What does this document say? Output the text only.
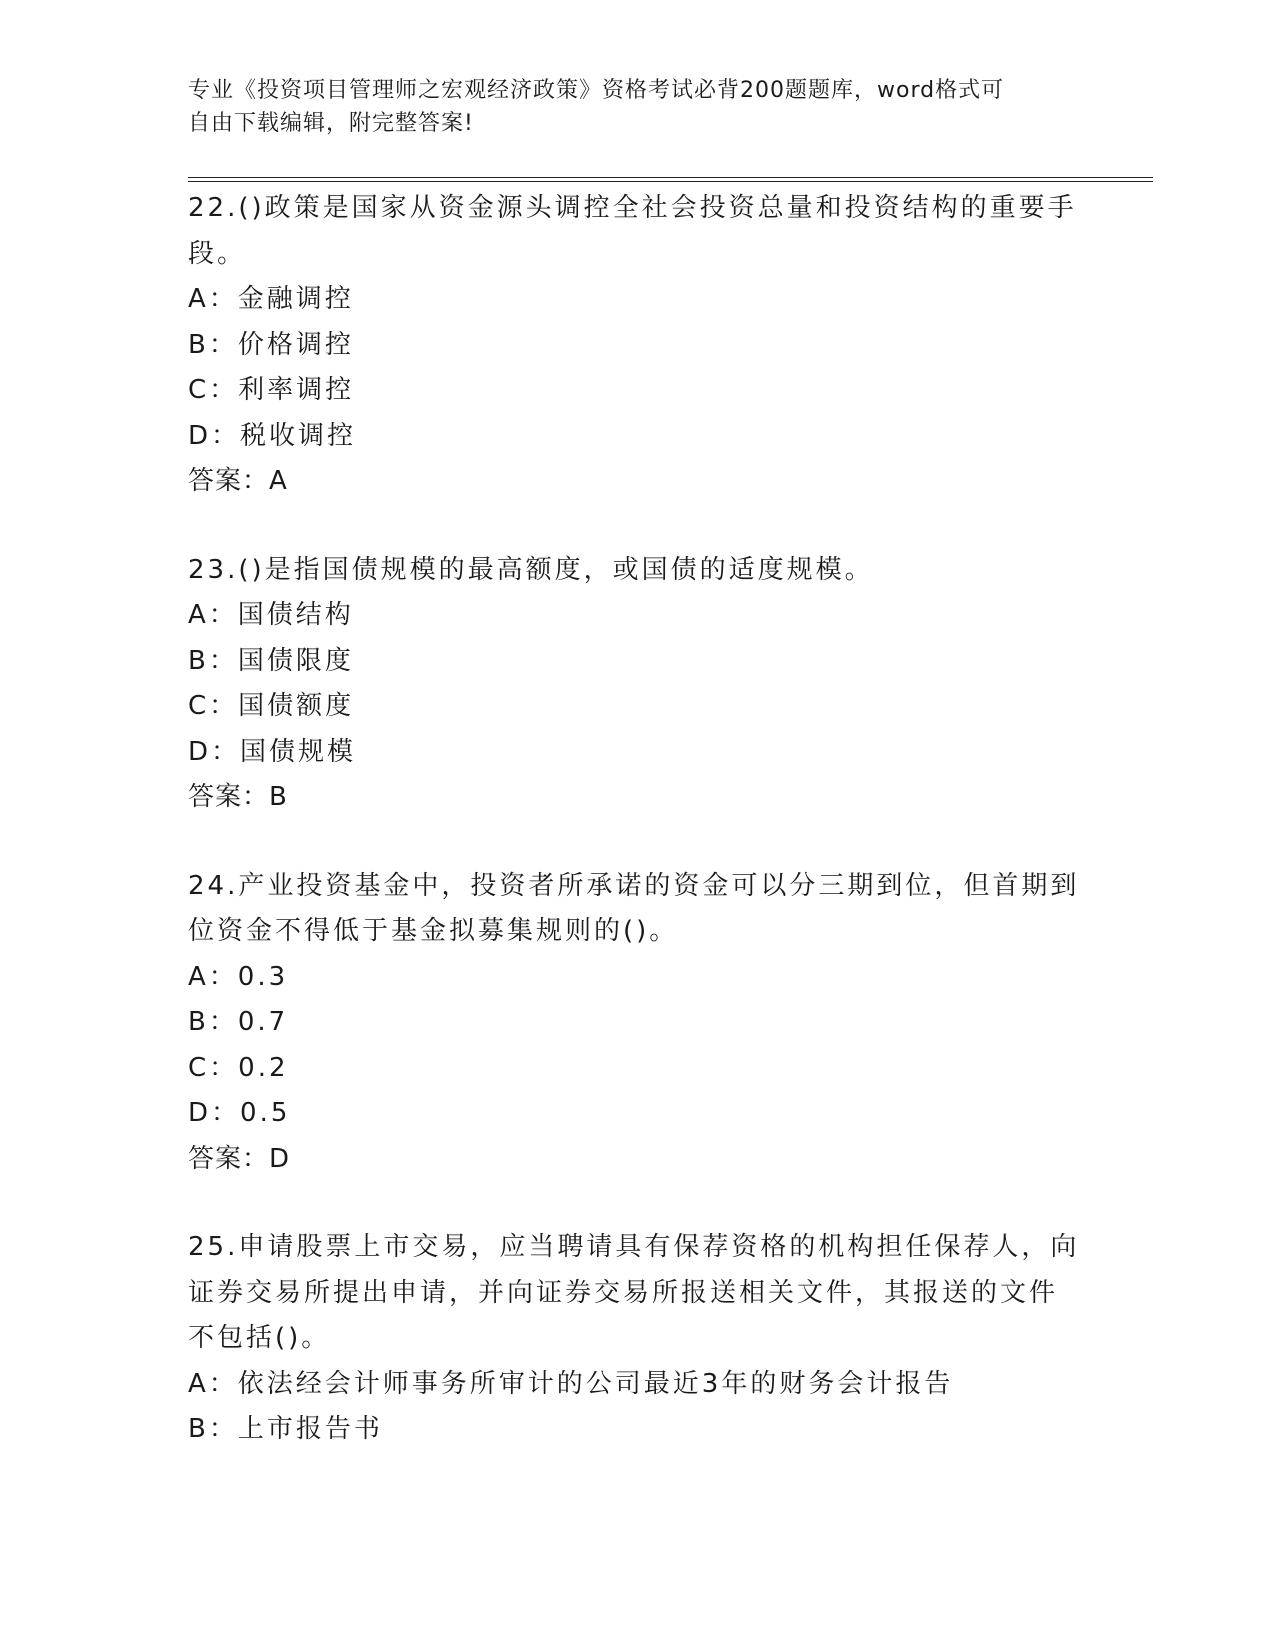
专业《投资项目管理师之宏观经济政策》资格考试必背200题题库，word格式可
自由下载编辑，附完整答案!

22.()政策是国家从资金源头调控全社会投资总量和投资结构的重要手

段。

A：金融调控

B：价格调控

C：利率调控

D：税收调控

答案：A

23.()是指国债规模的最高额度，或国债的适度规模。

A：国债结构

B：国债限度

C：国债额度

D：国债规模

答案：B

24.产业投资基金中，投资者所承诺的资金可以分三期到位，但首期到

位资金不得低于基金拟募集规则的()。

A：0.3

B：0.7

C：0.2

D：0.5

答案：D

25.申请股票上市交易，应当聘请具有保荐资格的机构担任保荐人，向

证券交易所提出申请，并向证券交易所报送相关文件，其报送的文件

不包括()。

A：依法经会计师事务所审计的公司最近3年的财务会计报告

B：上市报告书
